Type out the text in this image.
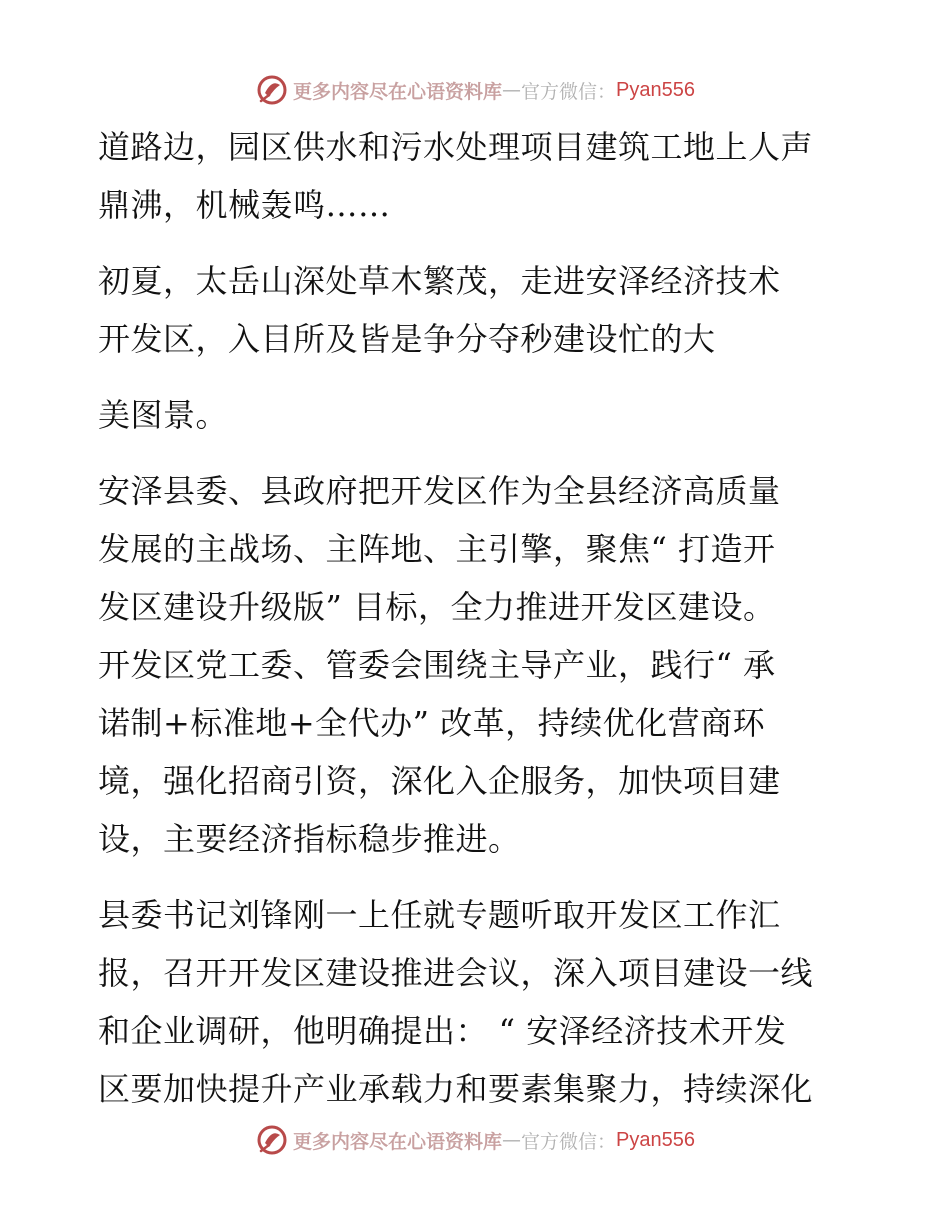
更多内容尽在心语资料库 — 官方微信： Pyan556
道路边，园区供水和污水处理项目建筑工地上人声
鼎沸，机械轰鸣……
初夏，太岳山深处草木繁茂，走进安泽经济技术
开发区，入目所及皆是争分夺秒建设忙的大
美图景。
安泽县委、县政府把开发区作为全县经济高质量
发展的主战场、主阵地、主引擎，聚焦“ 打造开
发区建设升级版” 目标，全力推进开发区建设。
开发区党工委、管委会围绕主导产业，践行“ 承
诺制+标准地+全代办” 改革，持续优化营商环
境，强化招商引资，深化入企服务，加快项目建
设，主要经济指标稳步推进。
县委书记刘锋刚一上任就专题听取开发区工作汇
报，召开开发区建设推进会议，深入项目建设一线
和企业调研，他明确提出： “ 安泽经济技术开发
区要加快提升产业承载力和要素集聚力，持续深化
更多内容尽在心语资料库 — 官方微信： Pyan556
